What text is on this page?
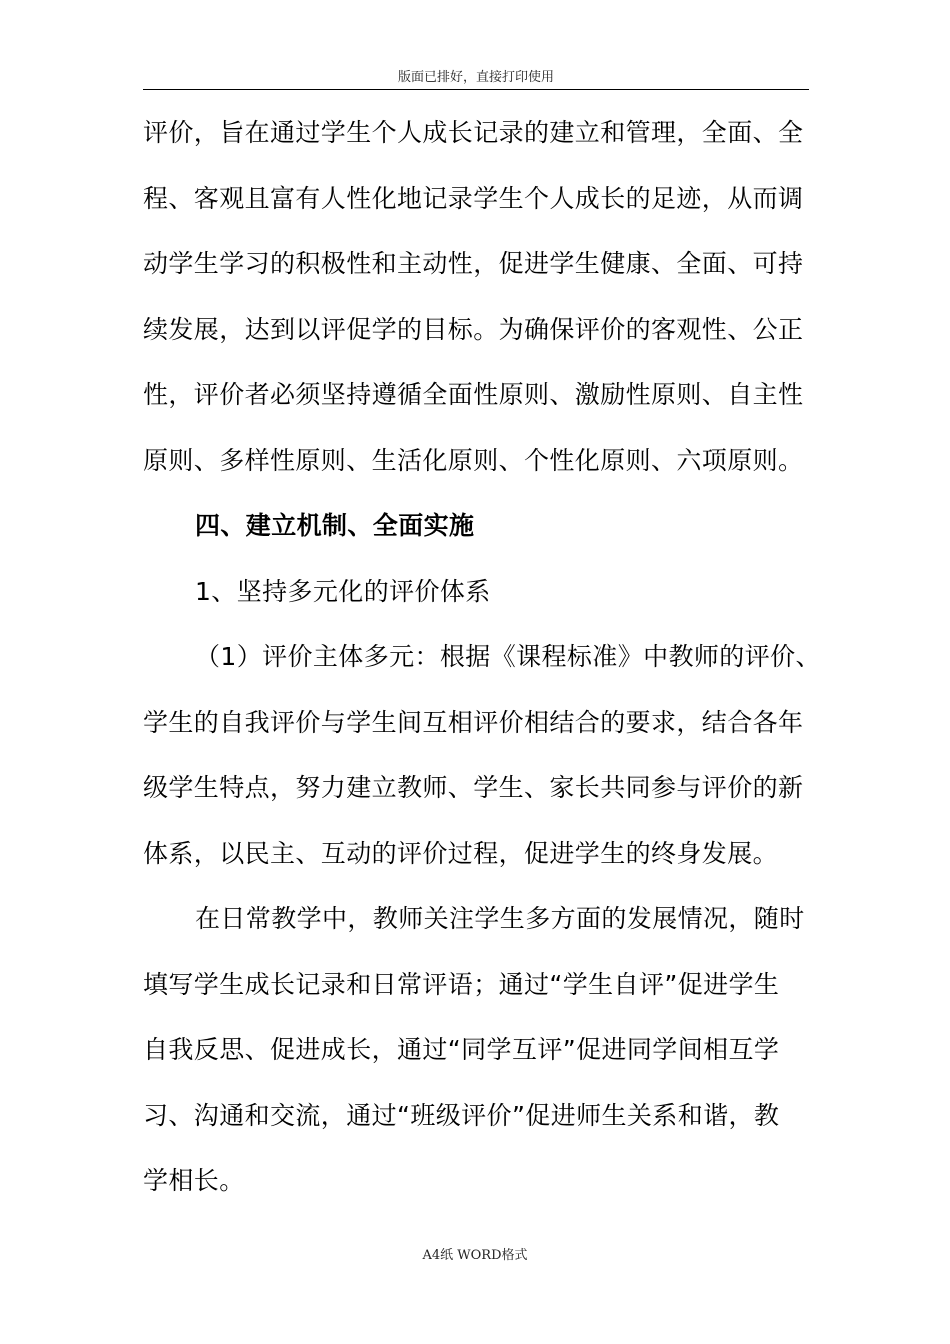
版面已排好，直接打印使用

评价，旨在通过学生个人成长记录的建立和管理，全面、全

程、客观且富有人性化地记录学生个人成长的足迹，从而调

动学生学习的积极性和主动性，促进学生健康、全面、可持

续发展，达到以评促学的目标。为确保评价的客观性、公正

性，评价者必须坚持遵循全面性原则、激励性原则、自主性

原则、多样性原则、生活化原则、个性化原则、六项原则。

四、建立机制、全面实施

1、坚持多元化的评价体系

（1）评价主体多元：根据《课程标准》中教师的评价、

学生的自我评价与学生间互相评价相结合的要求，结合各年

级学生特点，努力建立教师、学生、家长共同参与评价的新

体系，以民主、互动的评价过程，促进学生的终身发展。

在日常教学中，教师关注学生多方面的发展情况，随时

填写学生成长记录和日常评语；通过“学生自评”促进学生

自我反思、促进成长，通过“同学互评”促进同学间相互学

习、沟通和交流，通过“班级评价”促进师生关系和谐，教

学相长。

A4纸 WORD格式
